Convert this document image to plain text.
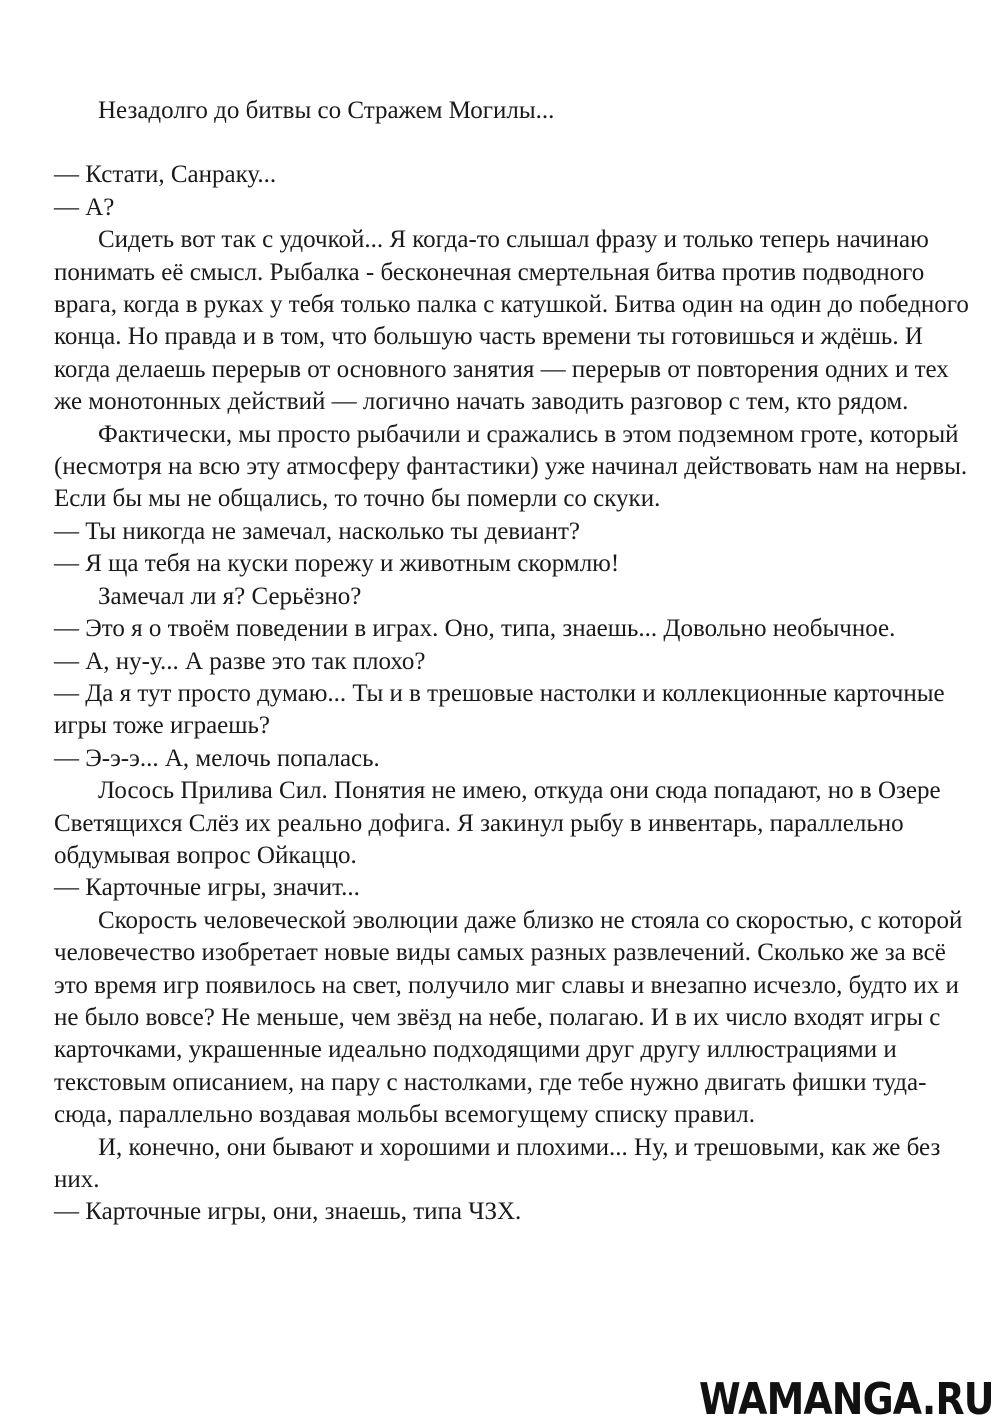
Незадолго до битвы со Стражем Могилы...

— Кстати, Санраку...

— А?

Сидеть вот так с удочкой... Я когда-то слышал фразу и только теперь начинаю понимать её смысл. Рыбалка - бесконечная смертельная битва против подводного врага, когда в руках у тебя только палка с катушкой. Битва один на один до победного конца. Но правда и в том, что большую часть времени ты готовишься и ждёшь. И когда делаешь перерыв от основного занятия — перерыв от повторения одних и тех же монотонных действий — логично начать заводить разговор с тем, кто рядом.

Фактически, мы просто рыбачили и сражались в этом подземном гроте, который (несмотря на всю эту атмосферу фантастики) уже начинал действовать нам на нервы. Если бы мы не общались, то точно бы померли со скуки.

— Ты никогда не замечал, насколько ты девиант?

— Я ща тебя на куски порежу и животным скормлю!

Замечал ли я? Серьёзно?

— Это я о твоём поведении в играх. Оно, типа, знаешь... Довольно необычное.

— А, ну-у... А разве это так плохо?

— Да я тут просто думаю... Ты и в трешовые настолки и коллекционные карточные игры тоже играешь?

— Э-э-э... А, мелочь попалась.

Лосось Прилива Сил. Понятия не имею, откуда они сюда попадают, но в Озере Светящихся Слёз их реально дофига. Я закинул рыбу в инвентарь, параллельно обдумывая вопрос Ойкаццо.

— Карточные игры, значит...

Скорость человеческой эволюции даже близко не стояла со скоростью, с которой человечество изобретает новые виды самых разных развлечений. Сколько же за всё это время игр появилось на свет, получило миг славы и внезапно исчезло, будто их и не было вовсе? Не меньше, чем звёзд на небе, полагаю. И в их число входят игры с карточками, украшенные идеально подходящими друг другу иллюстрациями и текстовым описанием, на пару с настолками, где тебе нужно двигать фишки туда-сюда, параллельно воздавая мольбы всемогущему списку правил.

И, конечно, они бывают и хорошими и плохими... Ну, и трешовыми, как же без них.

— Карточные игры, они, знаешь, типа ЧЗХ.

WAMANGA.RU
